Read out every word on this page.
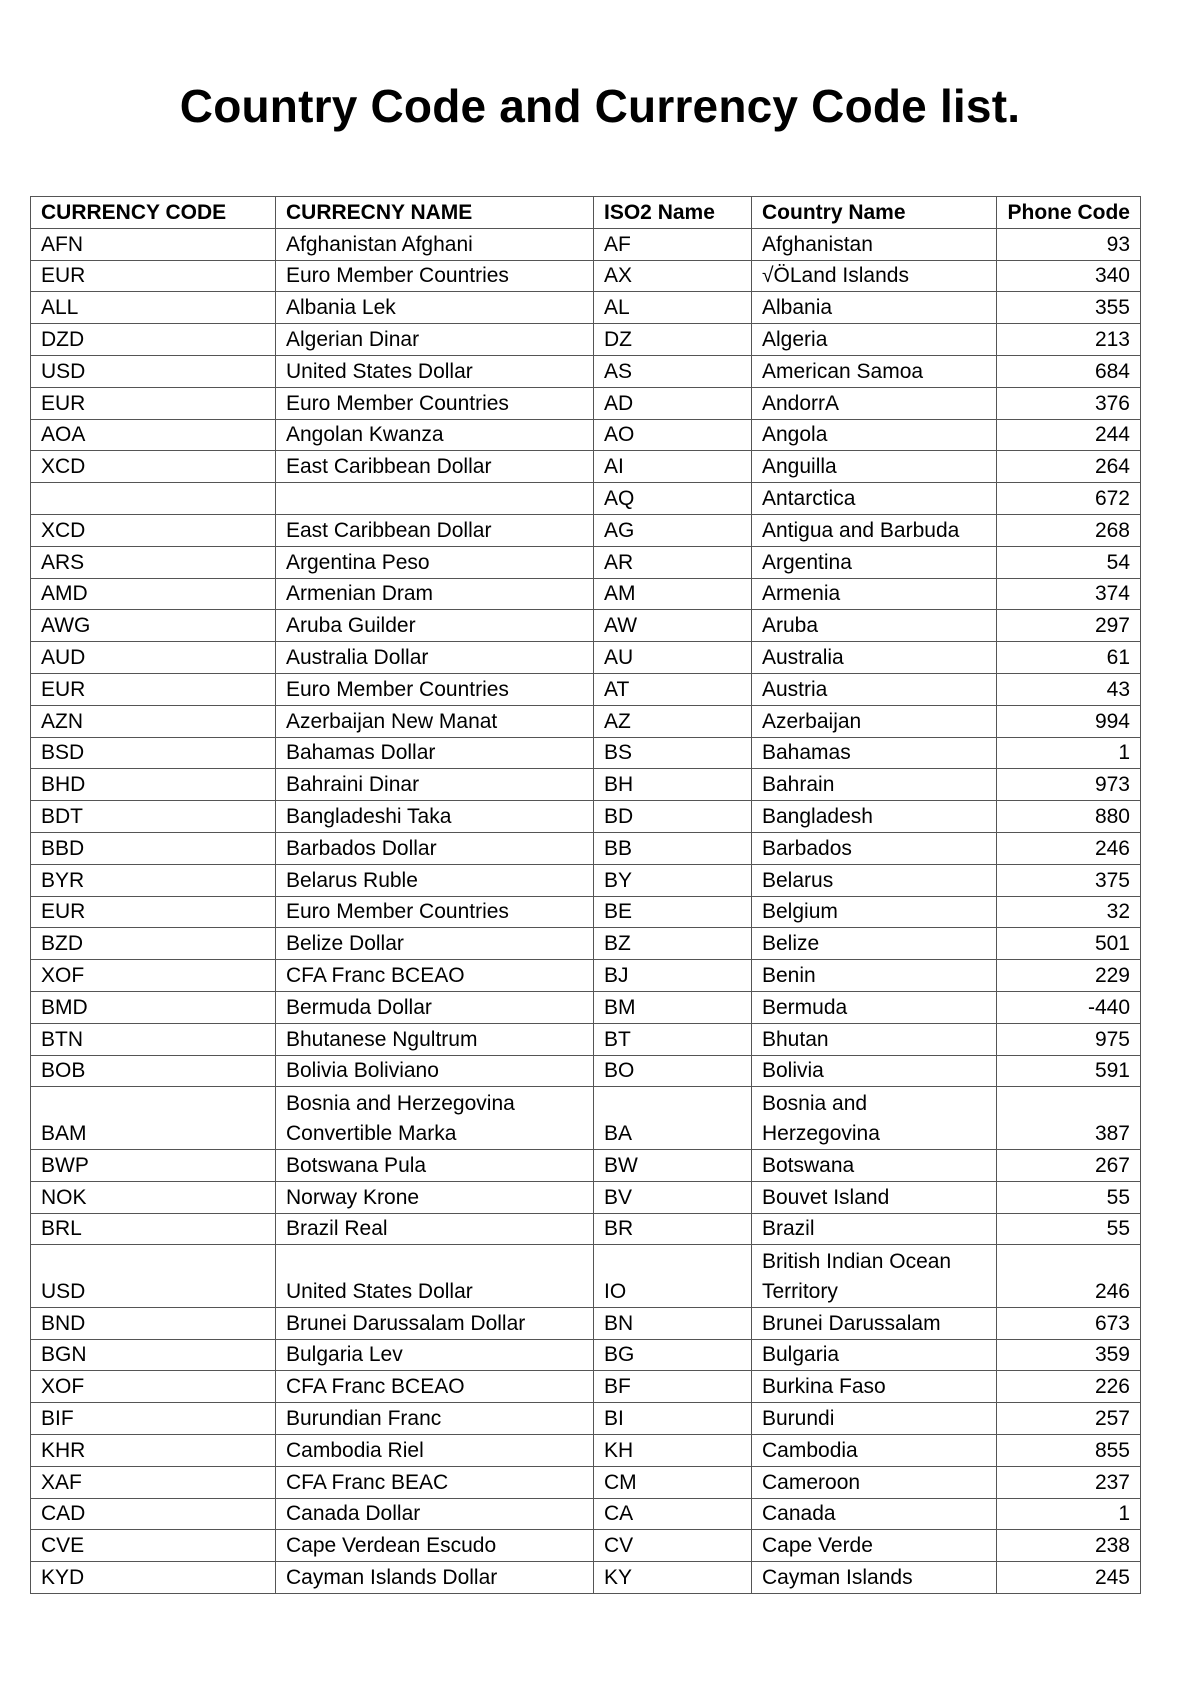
Country Code and Currency Code list.
CURRENCY CODE	CURRECNY NAME	ISO2 Name	Country Name	Phone Code
AFN	Afghanistan Afghani	AF	Afghanistan	93
EUR	Euro Member Countries	AX	√ÖLand Islands	340
ALL	Albania Lek	AL	Albania	355
DZD	Algerian Dinar	DZ	Algeria	213
USD	United States Dollar	AS	American Samoa	684
EUR	Euro Member Countries	AD	AndorrA	376
AOA	Angolan Kwanza	AO	Angola	244
XCD	East Caribbean Dollar	AI	Anguilla	264
		AQ	Antarctica	672
XCD	East Caribbean Dollar	AG	Antigua and Barbuda	268
ARS	Argentina Peso	AR	Argentina	54
AMD	Armenian Dram	AM	Armenia	374
AWG	Aruba Guilder	AW	Aruba	297
AUD	Australia Dollar	AU	Australia	61
EUR	Euro Member Countries	AT	Austria	43
AZN	Azerbaijan New Manat	AZ	Azerbaijan	994
BSD	Bahamas Dollar	BS	Bahamas	1
BHD	Bahraini Dinar	BH	Bahrain	973
BDT	Bangladeshi Taka	BD	Bangladesh	880
BBD	Barbados Dollar	BB	Barbados	246
BYR	Belarus Ruble	BY	Belarus	375
EUR	Euro Member Countries	BE	Belgium	32
BZD	Belize Dollar	BZ	Belize	501
XOF	CFA Franc BCEAO	BJ	Benin	229
BMD	Bermuda Dollar	BM	Bermuda	-440
BTN	Bhutanese Ngultrum	BT	Bhutan	975
BOB	Bolivia Boliviano	BO	Bolivia	591
BAM	Bosnia and Herzegovina Convertible Marka	BA	Bosnia and Herzegovina	387
BWP	Botswana Pula	BW	Botswana	267
NOK	Norway Krone	BV	Bouvet Island	55
BRL	Brazil Real	BR	Brazil	55
USD	United States Dollar	IO	British Indian Ocean Territory	246
BND	Brunei Darussalam Dollar	BN	Brunei Darussalam	673
BGN	Bulgaria Lev	BG	Bulgaria	359
XOF	CFA Franc BCEAO	BF	Burkina Faso	226
BIF	Burundian Franc	BI	Burundi	257
KHR	Cambodia Riel	KH	Cambodia	855
XAF	CFA Franc BEAC	CM	Cameroon	237
CAD	Canada Dollar	CA	Canada	1
CVE	Cape Verdean Escudo	CV	Cape Verde	238
KYD	Cayman Islands Dollar	KY	Cayman Islands	245
